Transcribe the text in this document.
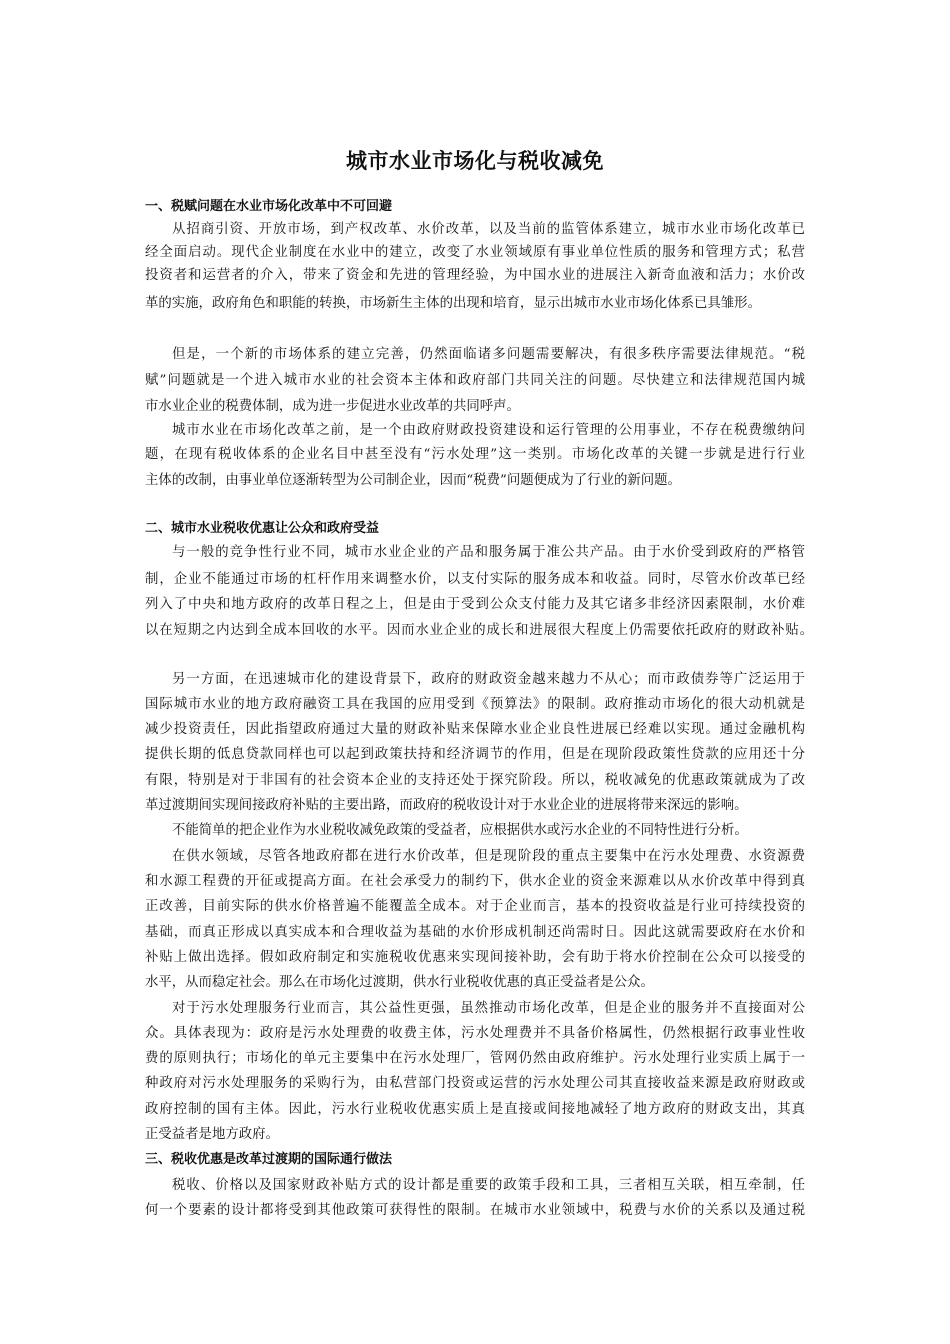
城市水业市场化与税收减免
一、税赋问题在水业市场化改革中不可回避
从招商引资、开放市场，到产权改革、水价改革，以及当前的监管体系建立，城市水业市场化改革已
经全面启动。现代企业制度在水业中的建立，改变了水业领域原有事业单位性质的服务和管理方式；私营
投资者和运营者的介入，带来了资金和先进的管理经验，为中国水业的进展注入新奇血液和活力；水价改
革的实施，政府角色和职能的转换，市场新生主体的出现和培育，显示出城市水业市场化体系已具雏形。
但是，一个新的市场体系的建立完善，仍然面临诸多问题需要解决，有很多秩序需要法律规范。“税
赋”问题就是一个进入城市水业的社会资本主体和政府部门共同关注的问题。尽快建立和法律规范国内城
市水业企业的税费体制，成为进一步促进水业改革的共同呼声。
城市水业在市场化改革之前，是一个由政府财政投资建设和运行管理的公用事业，不存在税费缴纳问
题，在现有税收体系的企业名目中甚至没有“污水处理”这一类别。市场化改革的关键一步就是进行行业
主体的改制，由事业单位逐渐转型为公司制企业，因而“税费”问题便成为了行业的新问题。
二、城市水业税收优惠让公众和政府受益
与一般的竞争性行业不同，城市水业企业的产品和服务属于准公共产品。由于水价受到政府的严格管
制，企业不能通过市场的杠杆作用来调整水价，以支付实际的服务成本和收益。同时，尽管水价改革已经
列入了中央和地方政府的改革日程之上，但是由于受到公众支付能力及其它诸多非经济因素限制，水价难
以在短期之内达到全成本回收的水平。因而水业企业的成长和进展很大程度上仍需要依托政府的财政补贴。
另一方面，在迅速城市化的建设背景下，政府的财政资金越来越力不从心；而市政债券等广泛运用于
国际城市水业的地方政府融资工具在我国的应用受到《预算法》的限制。政府推动市场化的很大动机就是
减少投资责任，因此指望政府通过大量的财政补贴来保障水业企业良性进展已经难以实现。通过金融机构
提供长期的低息贷款同样也可以起到政策扶持和经济调节的作用，但是在现阶段政策性贷款的应用还十分
有限，特别是对于非国有的社会资本企业的支持还处于探究阶段。所以，税收减免的优惠政策就成为了改
革过渡期间实现间接政府补贴的主要出路，而政府的税收设计对于水业企业的进展将带来深远的影响。
不能简单的把企业作为水业税收减免政策的受益者，应根据供水或污水企业的不同特性进行分析。
在供水领域，尽管各地政府都在进行水价改革，但是现阶段的重点主要集中在污水处理费、水资源费
和水源工程费的开征或提高方面。在社会承受力的制约下，供水企业的资金来源难以从水价改革中得到真
正改善，目前实际的供水价格普遍不能覆盖全成本。对于企业而言，基本的投资收益是行业可持续投资的
基础，而真正形成以真实成本和合理收益为基础的水价形成机制还尚需时日。因此这就需要政府在水价和
补贴上做出选择。假如政府制定和实施税收优惠来实现间接补助，会有助于将水价控制在公众可以接受的
水平，从而稳定社会。那么在市场化过渡期，供水行业税收优惠的真正受益者是公众。
对于污水处理服务行业而言，其公益性更强，虽然推动市场化改革，但是企业的服务并不直接面对公
众。具体表现为：政府是污水处理费的收费主体，污水处理费并不具备价格属性，仍然根据行政事业性收
费的原则执行；市场化的单元主要集中在污水处理厂，管网仍然由政府维护。污水处理行业实质上属于一
种政府对污水处理服务的采购行为，由私营部门投资或运营的污水处理公司其直接收益来源是政府财政或
政府控制的国有主体。因此，污水行业税收优惠实质上是直接或间接地减轻了地方政府的财政支出，其真
正受益者是地方政府。
三、税收优惠是改革过渡期的国际通行做法
税收、价格以及国家财政补贴方式的设计都是重要的政策手段和工具，三者相互关联，相互牵制，任
何一个要素的设计都将受到其他政策可获得性的限制。在城市水业领域中，税费与水价的关系以及通过税
